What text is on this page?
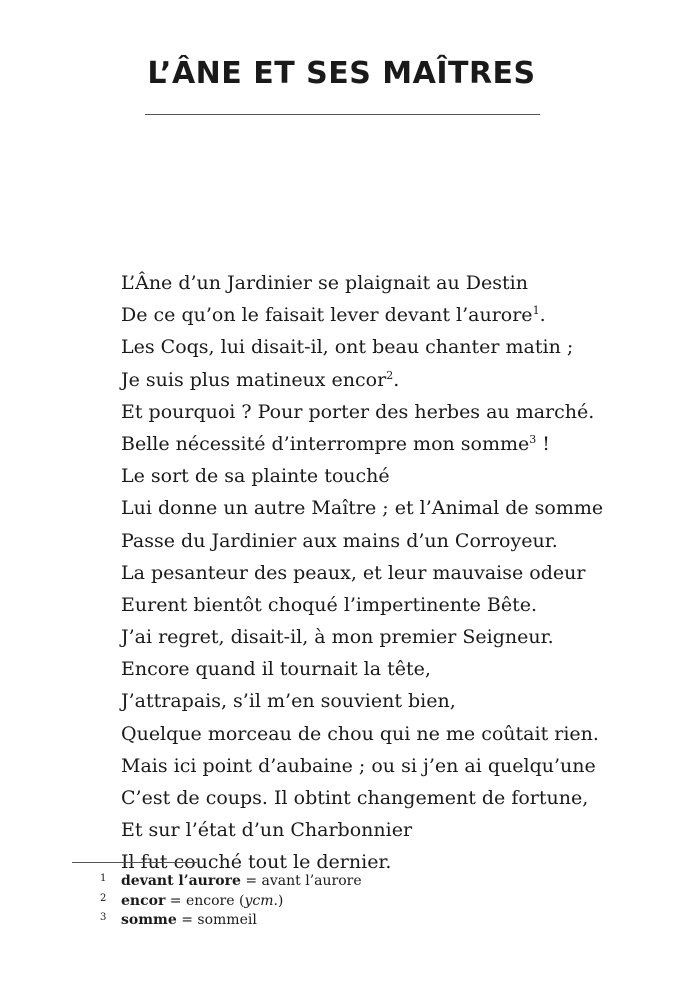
L’ÂNE ET SES MAÎTRES
L’Âne d’un Jardinier se plaignait au Destin
De ce qu’on le faisait lever devant l’aurore$^1$.
Les Coqs, lui disait-il, ont beau chanter matin ;
Je suis plus matineux encor$^2$.
Et pourquoi ? Pour porter des herbes au marché.
Belle nécessité d’interrompre mon somme$^3$ !
Le sort de sa plainte touché
Lui donne un autre Maître ; et l’Animal de somme
Passe du Jardinier aux mains d’un Corroyeur.
La pesanteur des peaux, et leur mauvaise odeur
Eurent bientôt choqué l’impertinente Bête.
J’ai regret, disait-il, à mon premier Seigneur.
Encore quand il tournait la tête,
J’attrapais, s’il m’en souvient bien,
Quelque morceau de chou qui ne me coûtait rien.
Mais ici point d’aubaine ; ou si j’en ai quelqu’une
C’est de coups. Il obtint changement de fortune,
Et sur l’état d’un Charbonnier
Il fut couché tout le dernier.
1 devant l’aurore = avant l’aurore
2 encor = encore (ycm.)
3 somme = sommeil
